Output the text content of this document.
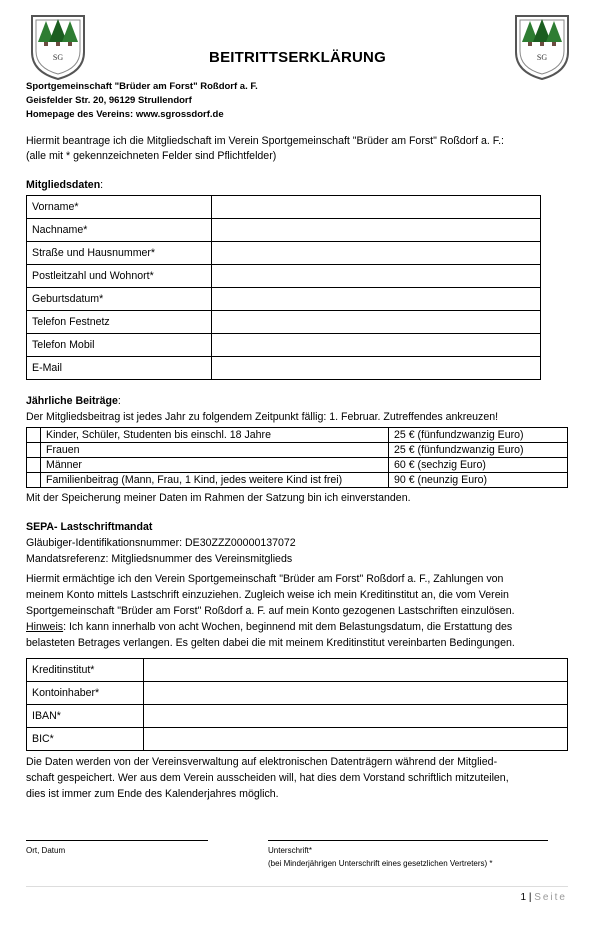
SG	SG
BEITRITTSERKLÄRUNG
Sportgemeinschaft "Brüder am Forst" Roßdorf a. F.
Geisfelder Str. 20, 96129 Strullendorf
Homepage des Vereins: www.sgrossdorf.de
Hiermit beantrage ich die Mitgliedschaft im Verein Sportgemeinschaft "Brüder am Forst" Roßdorf a. F.:
(alle mit * gekennzeichneten Felder sind Pflichtfelder)
Mitgliedsdaten:
Vorname*	
Nachname*	
Straße und Hausnummer*	
Postleitzahl und Wohnort*	
Geburtsdatum*	
Telefon Festnetz	
Telefon Mobil	
E-Mail	
Jährliche Beiträge:
Der Mitgliedsbeitrag ist jedes Jahr zu folgendem Zeitpunkt fällig: 1. Februar. Zutreffendes ankreuzen!
	Kinder, Schüler, Studenten bis einschl. 18 Jahre	25 € (fünfundzwanzig Euro)
	Frauen	25 € (fünfundzwanzig Euro)
	Männer	60 € (sechzig Euro)
	Familienbeitrag (Mann, Frau, 1 Kind, jedes weitere Kind ist frei)	90 € (neunzig Euro)
Mit der Speicherung meiner Daten im Rahmen der Satzung bin ich einverstanden.
SEPA- Lastschriftmandat
Gläubiger-Identifikationsnummer: DE30ZZZ00000137072
Mandatsreferenz: Mitgliedsnummer des Vereinsmitglieds
Hiermit ermächtige ich den Verein Sportgemeinschaft "Brüder am Forst" Roßdorf a. F., Zahlungen von
meinem Konto mittels Lastschrift einzuziehen. Zugleich weise ich mein Kreditinstitut an, die vom Verein
Sportgemeinschaft "Brüder am Forst" Roßdorf a. F. auf mein Konto gezogenen Lastschriften einzulösen.
Hinweis: Ich kann innerhalb von acht Wochen, beginnend mit dem Belastungsdatum, die Erstattung des
belasteten Betrages verlangen. Es gelten dabei die mit meinem Kreditinstitut vereinbarten Bedingungen.
Kreditinstitut*	
Kontoinhaber*	
IBAN*	
BIC*	
Die Daten werden von der Vereinsverwaltung auf elektronischen Datenträgern während der Mitglied-
schaft gespeichert. Wer aus dem Verein ausscheiden will, hat dies dem Vorstand schriftlich mitzuteilen,
dies ist immer zum Ende des Kalenderjahres möglich.
Ort, Datum	Unterschrift*
(bei Minderjährigen Unterschrift eines gesetzlichen Vertreters) *
1 | Seite
